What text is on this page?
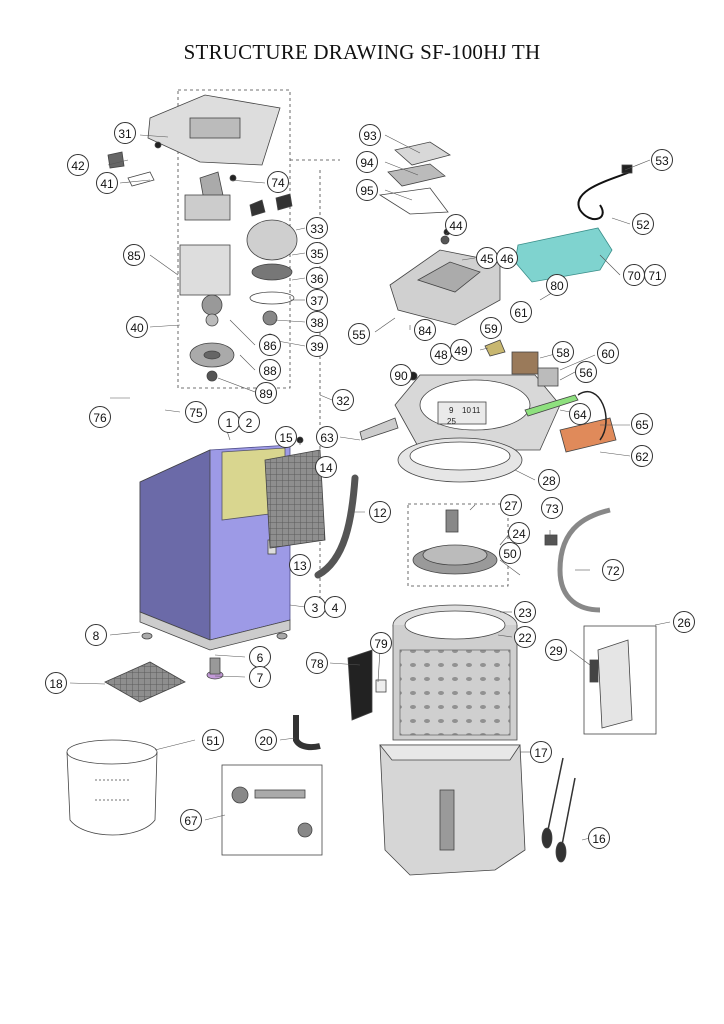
STRUCTURE DRAWING SF-100HJ TH
9 10 11
25
1	2
3	4
6
7
8
12
13
14
15
16
17
18
20
22
23
24
26
27
28
29
31
32
33
35
36
37
38
39
40
41
42
44
45 46
48 49
50
51
52
53
55
56
58
59
60
61
62
63
64
65
67
70 71
72
73
74
75
76
78
79
80
84
85
86
88
89
90
93
94
95
